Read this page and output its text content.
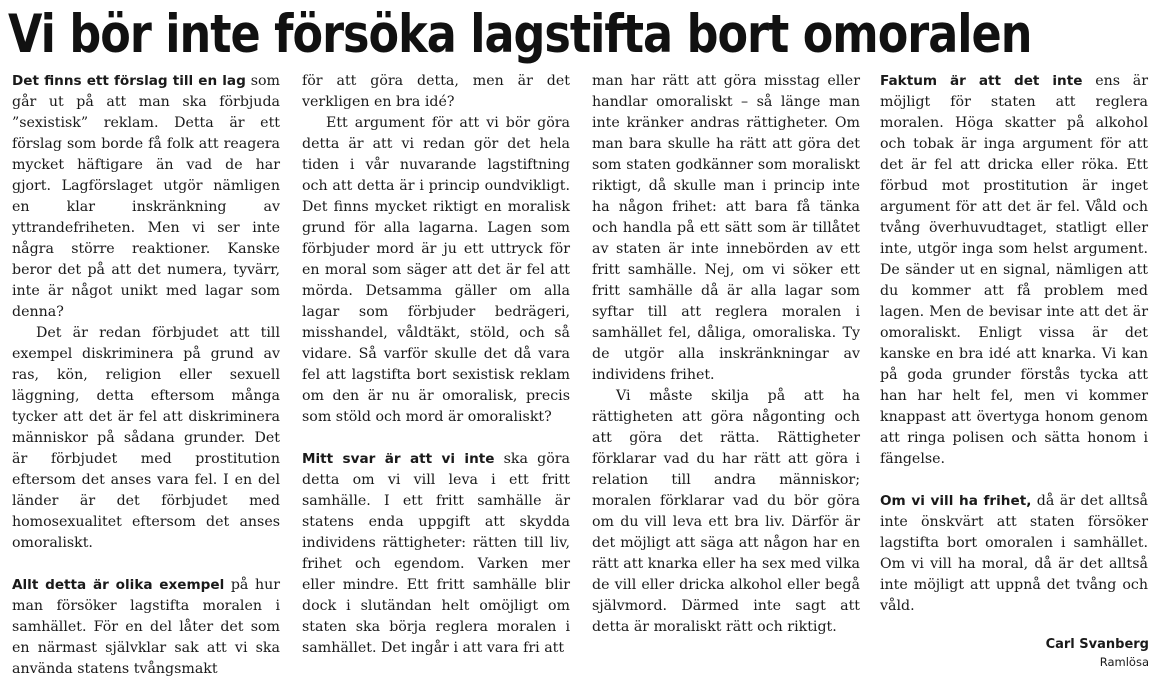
Vi bör inte försöka lagstifta bort omoralen

Det finns ett förslag till en lag som går ut på att man ska förbjuda ”sexistisk” reklam. Detta är ett förslag som borde få folk att reagera mycket häftigare än vad de har gjort. Lagförslaget utgör nämligen en klar inskränkning av yttrandefriheten. Men vi ser inte några större reaktioner. Kanske beror det på att det numera, tyvärr, inte är något unikt med lagar som denna?

Det är redan förbjudet att till exempel diskriminera på grund av ras, kön, religion eller sexuell läggning, detta eftersom många tycker att det är fel att diskriminera människor på sådana grunder. Det är förbjudet med prostitution eftersom det anses vara fel. I en del länder är det förbjudet med homosexualitet eftersom det anses omoraliskt.

Allt detta är olika exempel på hur man försöker lagstifta moralen i samhället. För en del låter det som en närmast självklar sak att vi ska använda statens tvångsmakt

för att göra detta, men är det verkligen en bra idé?

Ett argument för att vi bör göra detta är att vi redan gör det hela tiden i vår nuvarande lagstiftning och att detta är i princip oundvikligt. Det finns mycket riktigt en moralisk grund för alla lagarna. Lagen som förbjuder mord är ju ett uttryck för en moral som säger att det är fel att mörda. Detsamma gäller om alla lagar som förbjuder bedrägeri, misshandel, våldtäkt, stöld, och så vidare. Så varför skulle det då vara fel att lagstifta bort sexistisk reklam om den är nu är omoralisk, precis som stöld och mord är omoraliskt?

Mitt svar är att vi inte ska göra detta om vi vill leva i ett fritt samhälle. I ett fritt samhälle är statens enda uppgift att skydda individens rättigheter: rätten till liv, frihet och egendom. Varken mer eller mindre. Ett fritt samhälle blir dock i slutändan helt omöjligt om staten ska börja reglera moralen i samhället. Det ingår i att vara fri att

man har rätt att göra misstag eller handlar omoraliskt – så länge man inte kränker andras rättigheter. Om man bara skulle ha rätt att göra det som staten godkänner som moraliskt riktigt, då skulle man i princip inte ha någon frihet: att bara få tänka och handla på ett sätt som är tillåtet av staten är inte innebörden av ett fritt samhälle. Nej, om vi söker ett fritt samhälle då är alla lagar som syftar till att reglera moralen i samhället fel, dåliga, omoraliska. Ty de utgör alla inskränkningar av individens frihet.

Vi måste skilja på att ha rättigheten att göra någonting och att göra det rätta. Rättigheter förklarar vad du har rätt att göra i relation till andra människor; moralen förklarar vad du bör göra om du vill leva ett bra liv. Därför är det möjligt att säga att någon har en rätt att knarka eller ha sex med vilka de vill eller dricka alkohol eller begå självmord. Därmed inte sagt att detta är moraliskt rätt och riktigt.

Faktum är att det inte ens är möjligt för staten att reglera moralen. Höga skatter på alkohol och tobak är inga argument för att det är fel att dricka eller röka. Ett förbud mot prostitution är inget argument för att det är fel. Våld och tvång överhuvudtaget, statligt eller inte, utgör inga som helst argument. De sänder ut en signal, nämligen att du kommer att få problem med lagen. Men de bevisar inte att det är omoraliskt. Enligt vissa är det kanske en bra idé att knarka. Vi kan på goda grunder förstås tycka att han har helt fel, men vi kommer knappast att övertyga honom genom att ringa polisen och sätta honom i fängelse.

Om vi vill ha frihet, då är det alltså inte önskvärt att staten försöker lagstifta bort omoralen i samhället. Om vi vill ha moral, då är det alltså inte möjligt att uppnå det tvång och våld.

Carl Svanberg
Ramlösa
